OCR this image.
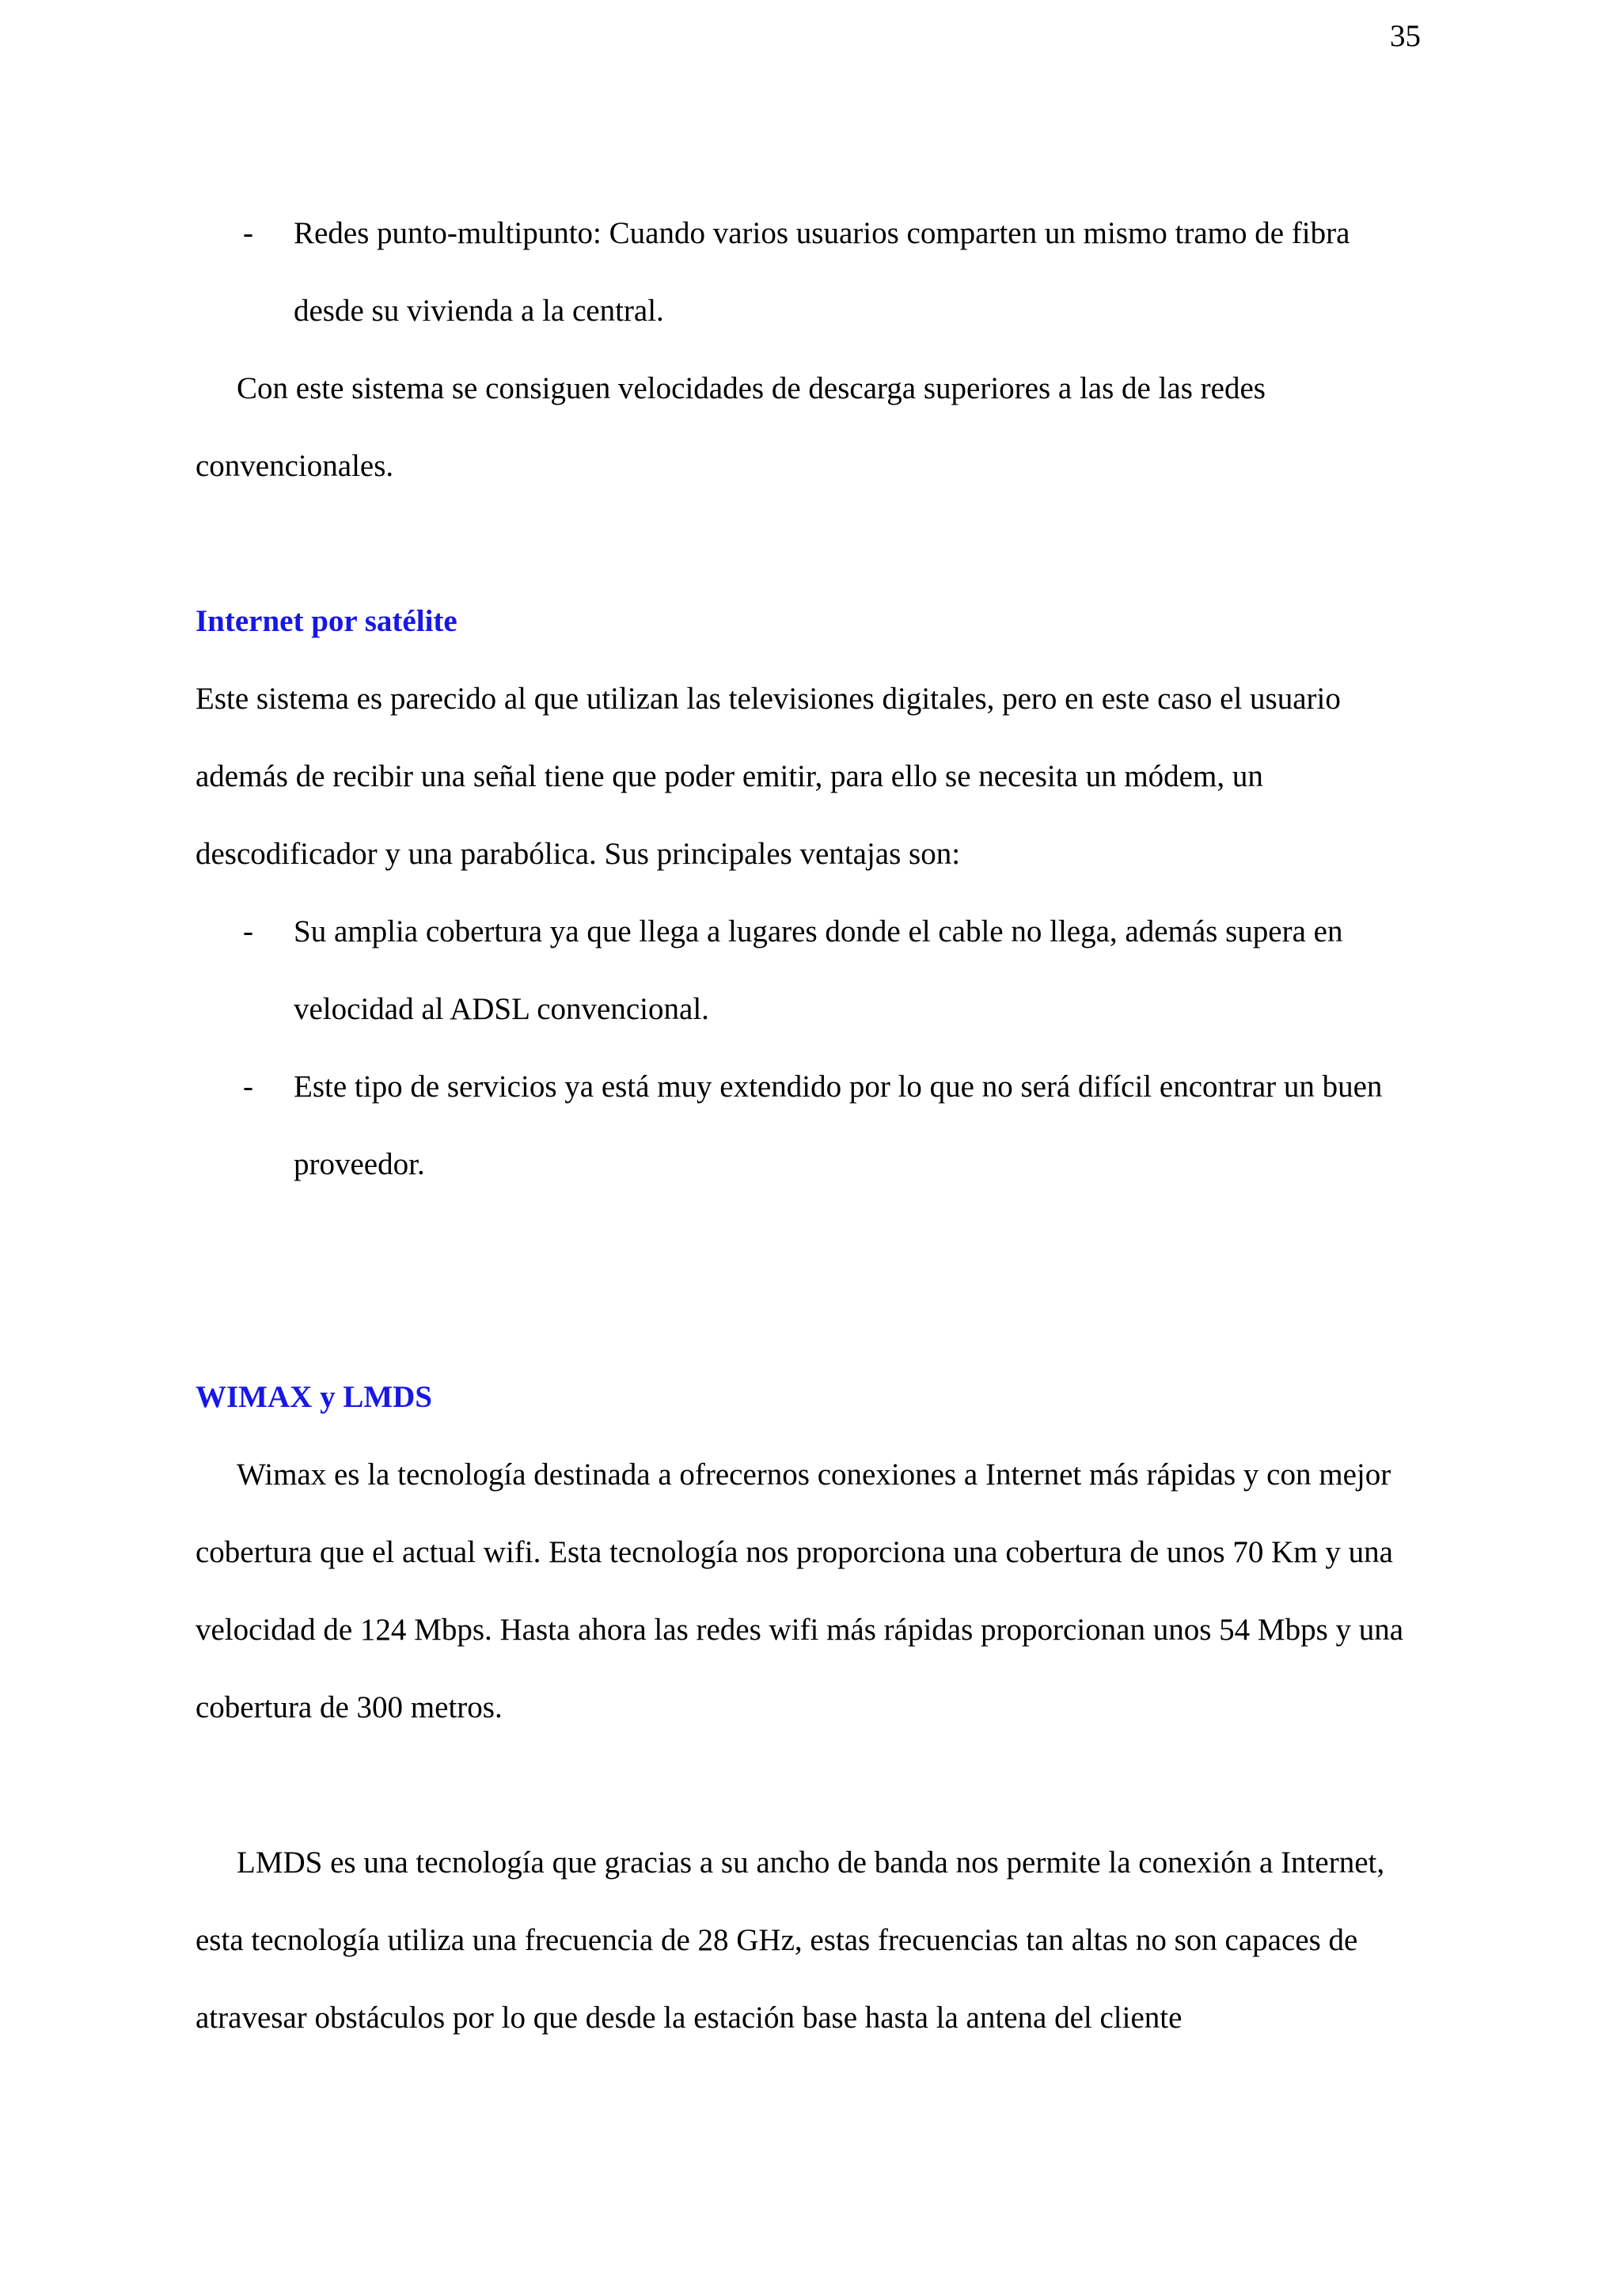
35
- Redes punto-multipunto: Cuando varios usuarios comparten un mismo tramo de fibra desde su vivienda a la central.

Con este sistema se consiguen velocidades de descarga superiores a las de las redes convencionales.

Internet por satélite

Este sistema es parecido al que utilizan las televisiones digitales, pero en este caso el usuario además de recibir una señal tiene que poder emitir, para ello se necesita un módem, un descodificador y una parabólica. Sus principales ventajas son:

- Su amplia cobertura ya que llega a lugares donde el cable no llega, además supera en velocidad al ADSL convencional.
- Este tipo de servicios ya está muy extendido por lo que no será difícil encontrar un buen proveedor.
WIMAX y LMDS

Wimax es la tecnología destinada a ofrecernos conexiones a Internet más rápidas y con mejor cobertura que el actual wifi. Esta tecnología nos proporciona una cobertura de unos 70 Km y una velocidad de 124 Mbps. Hasta ahora las redes wifi más rápidas proporcionan unos 54 Mbps y una cobertura de 300 metros.

LMDS es una tecnología que gracias a su ancho de banda nos permite la conexión a Internet, esta tecnología utiliza una frecuencia de 28 GHz, estas frecuencias tan altas no son capaces de atravesar obstáculos por lo que desde la estación base hasta la antena del cliente
